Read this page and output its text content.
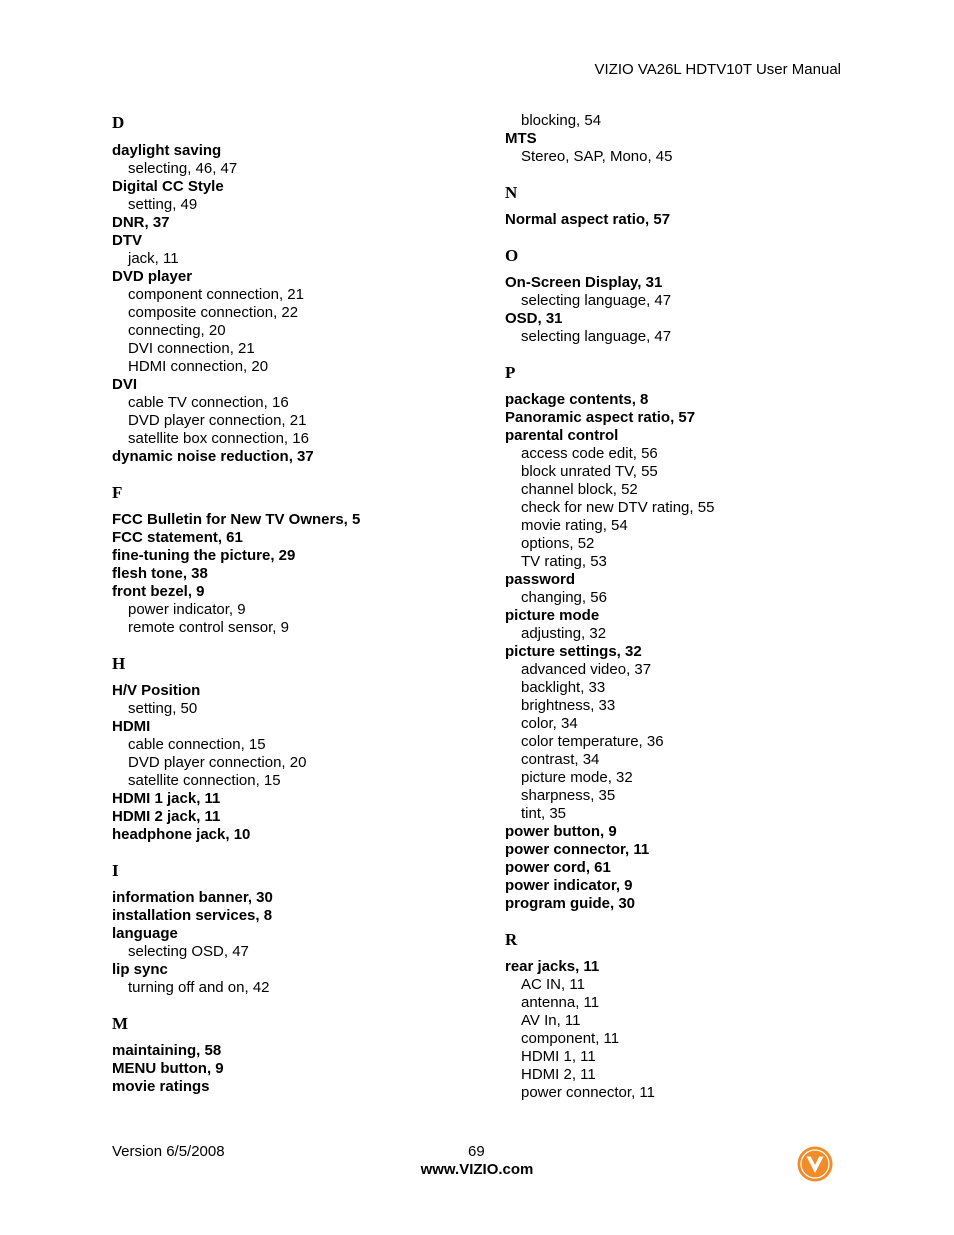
VIZIO VA26L HDTV10T User Manual
D
daylight saving
selecting, 46, 47
Digital CC Style
setting, 49
DNR, 37
DTV
jack, 11
DVD player
component connection, 21
composite connection, 22
connecting, 20
DVI connection, 21
HDMI connection, 20
DVI
cable TV connection, 16
DVD player connection, 21
satellite box connection, 16
dynamic noise reduction, 37
F
FCC Bulletin for New TV Owners, 5
FCC statement, 61
fine-tuning the picture, 29
flesh tone, 38
front bezel, 9
power indicator, 9
remote control sensor, 9
H
H/V Position
setting, 50
HDMI
cable connection, 15
DVD player connection, 20
satellite connection, 15
HDMI 1 jack, 11
HDMI 2 jack, 11
headphone jack, 10
I
information banner, 30
installation services, 8
language
selecting OSD, 47
lip sync
turning off and on, 42
M
maintaining, 58
MENU button, 9
movie ratings
blocking, 54
MTS
Stereo, SAP, Mono, 45
N
Normal aspect ratio, 57
O
On-Screen Display, 31
selecting language, 47
OSD, 31
selecting language, 47
P
package contents, 8
Panoramic aspect ratio, 57
parental control
access code edit, 56
block unrated TV, 55
channel block, 52
check for new DTV rating, 55
movie rating, 54
options, 52
TV rating, 53
password
changing, 56
picture mode
adjusting, 32
picture settings, 32
advanced video, 37
backlight, 33
brightness, 33
color, 34
color temperature, 36
contrast, 34
picture mode, 32
sharpness, 35
tint, 35
power button, 9
power connector, 11
power cord, 61
power indicator, 9
program guide, 30
R
rear jacks, 11
AC IN, 11
antenna, 11
AV In, 11
component, 11
HDMI 1, 11
HDMI 2, 11
power connector, 11
Version 6/5/2008	69
www.VIZIO.com
